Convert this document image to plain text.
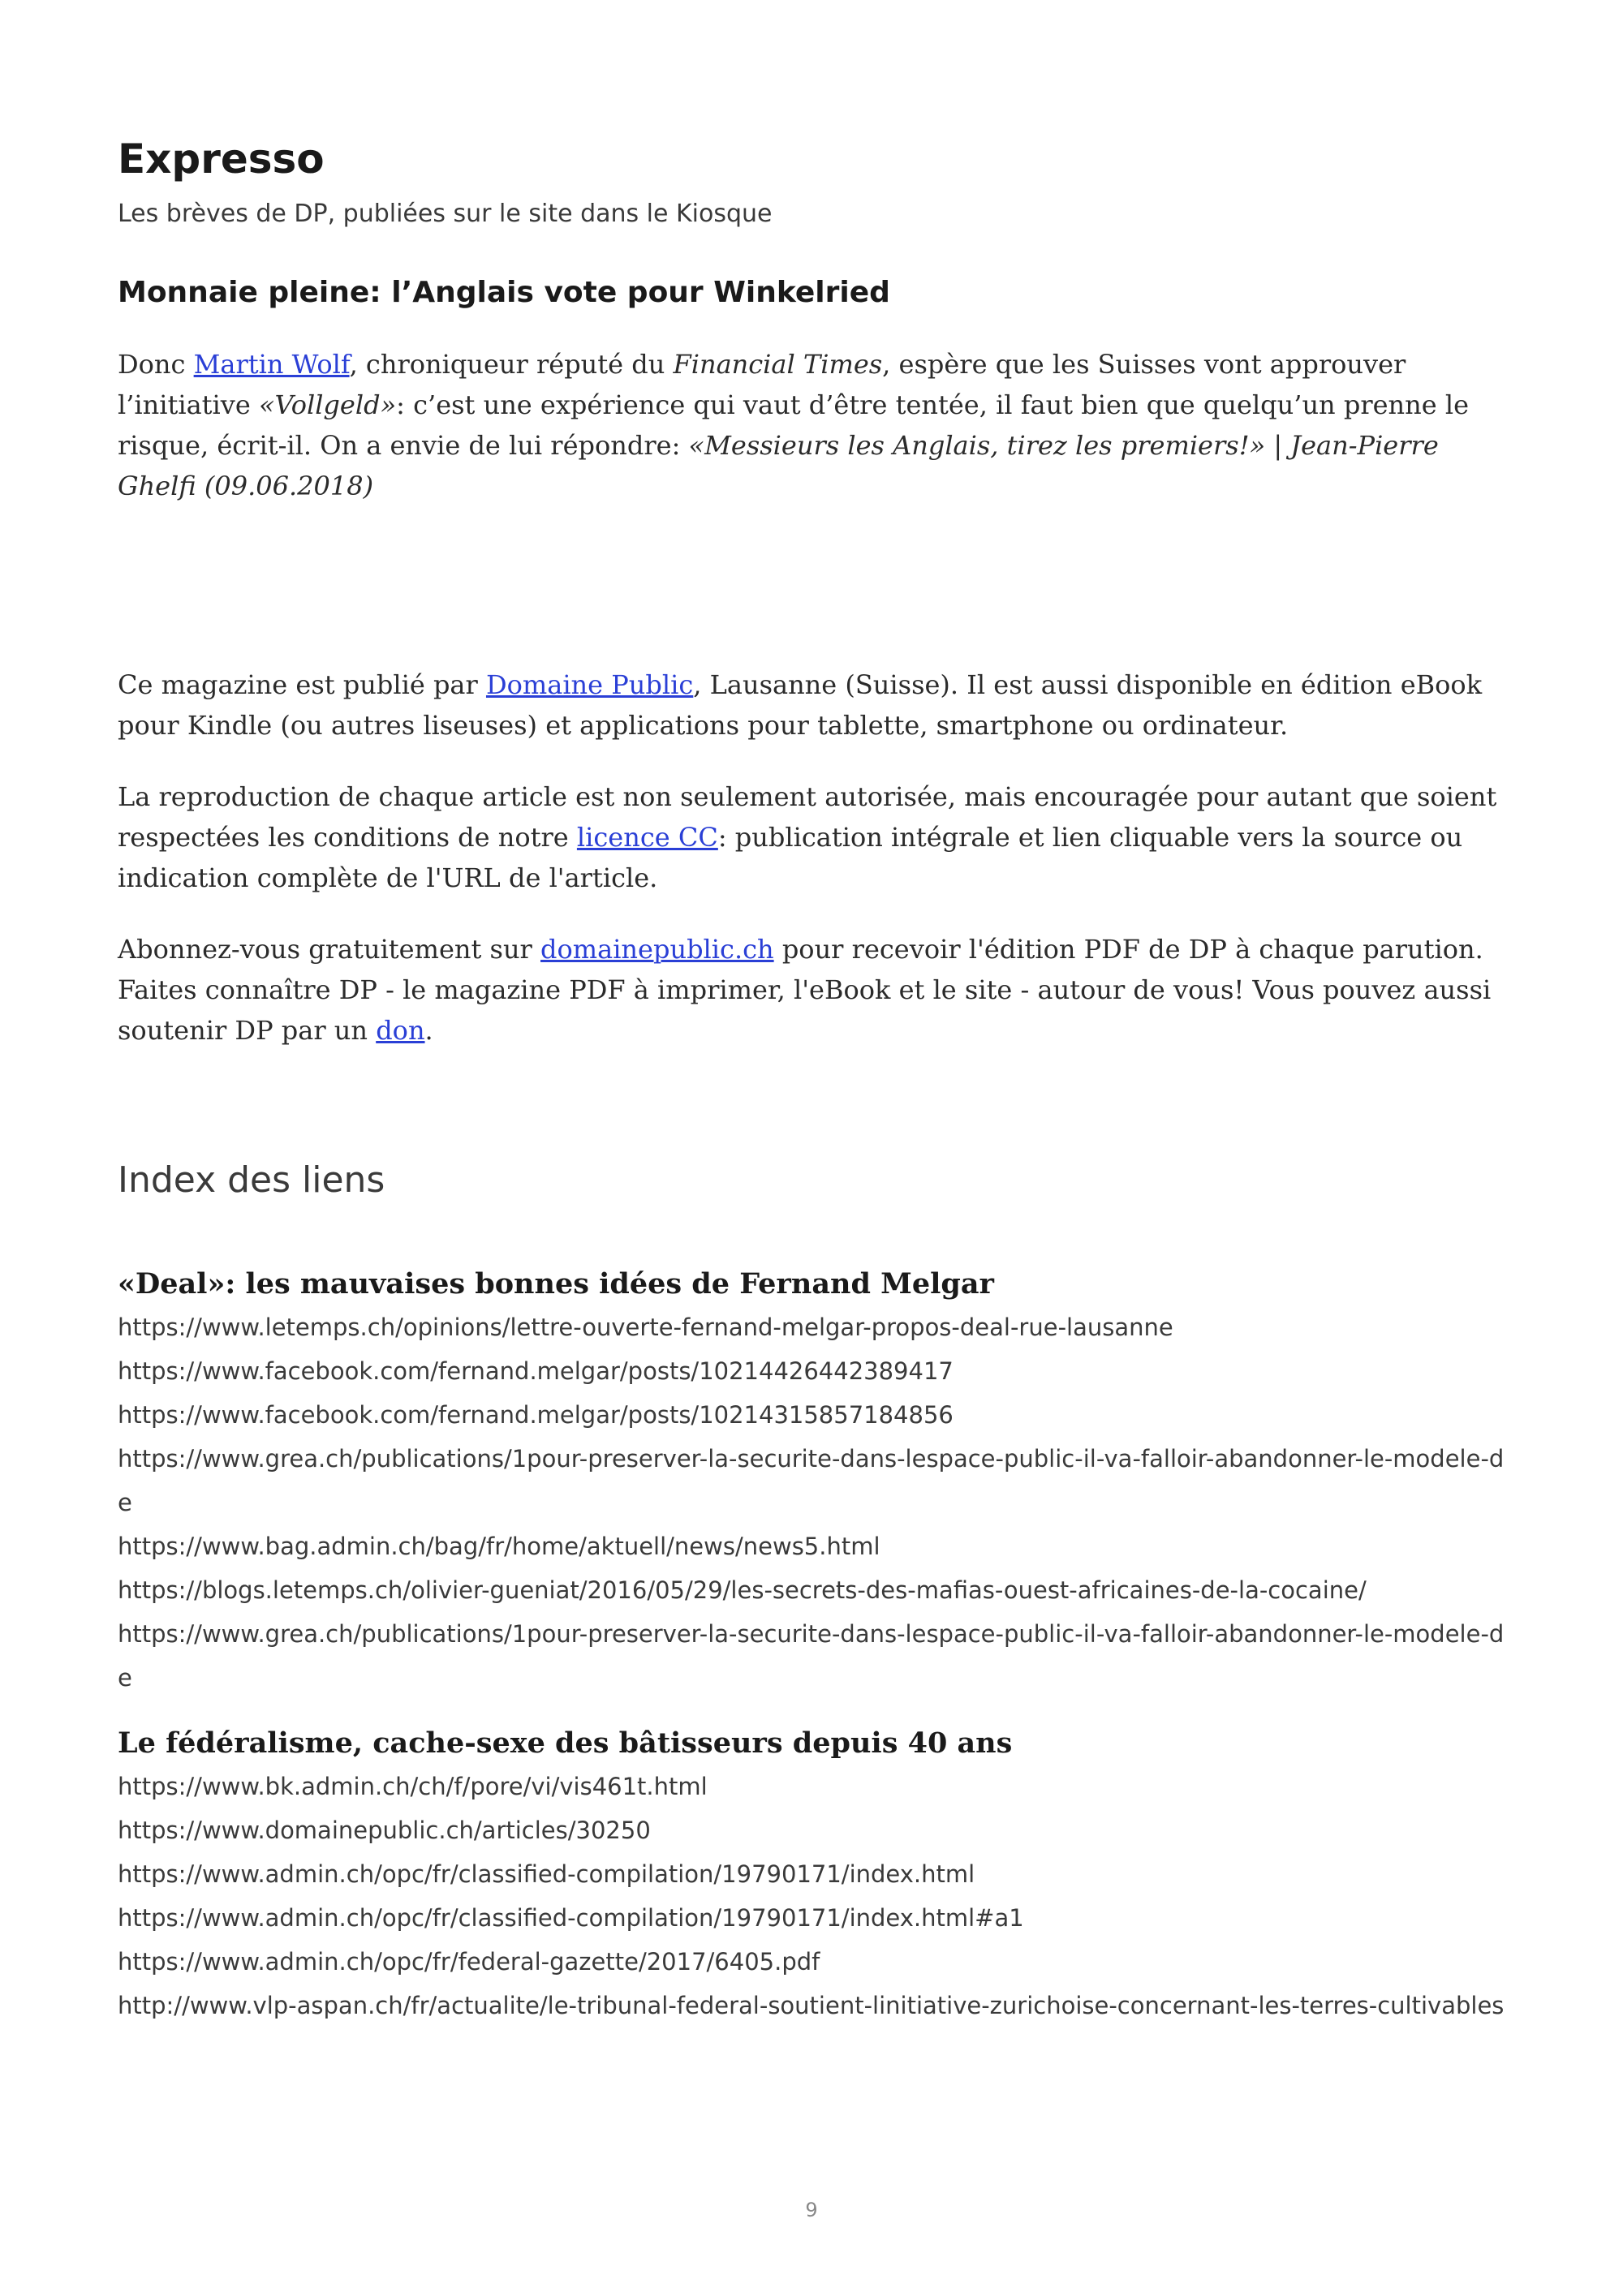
Expresso

Les brèves de DP, publiées sur le site dans le Kiosque

Monnaie pleine: l’Anglais vote pour Winkelried

Donc Martin Wolf, chroniqueur réputé du Financial Times, espère que les Suisses vont approuver l’initiative «Vollgeld»: c’est une expérience qui vaut d’être tentée, il faut bien que quelqu’un prenne le risque, écrit-il. On a envie de lui répondre: «Messieurs les Anglais, tirez les premiers!» | Jean-Pierre Ghelfi (09.06.2018)

Ce magazine est publié par Domaine Public, Lausanne (Suisse). Il est aussi disponible en édition eBook pour Kindle (ou autres liseuses) et applications pour tablette, smartphone ou ordinateur.

La reproduction de chaque article est non seulement autorisée, mais encouragée pour autant que soient respectées les conditions de notre licence CC: publication intégrale et lien cliquable vers la source ou indication complète de l'URL de l'article.

Abonnez-vous gratuitement sur domainepublic.ch pour recevoir l'édition PDF de DP à chaque parution. Faites connaître DP - le magazine PDF à imprimer, l'eBook et le site - autour de vous! Vous pouvez aussi soutenir DP par un don.

Index des liens

«Deal»: les mauvaises bonnes idées de Fernand Melgar

https://www.letemps.ch/opinions/lettre-ouverte-fernand-melgar-propos-deal-rue-lausanne

https://www.facebook.com/fernand.melgar/posts/10214426442389417

https://www.facebook.com/fernand.melgar/posts/10214315857184856

https://www.grea.ch/publications/1pour-preserver-la-securite-dans-lespace-public-il-va-falloir-abandonner-le-modele-de

https://www.bag.admin.ch/bag/fr/home/aktuell/news/news5.html

https://blogs.letemps.ch/olivier-gueniat/2016/05/29/les-secrets-des-mafias-ouest-africaines-de-la-cocaine/

https://www.grea.ch/publications/1pour-preserver-la-securite-dans-lespace-public-il-va-falloir-abandonner-le-modele-de

Le fédéralisme, cache-sexe des bâtisseurs depuis 40 ans

https://www.bk.admin.ch/ch/f/pore/vi/vis461t.html

https://www.domainepublic.ch/articles/30250

https://www.admin.ch/opc/fr/classified-compilation/19790171/index.html

https://www.admin.ch/opc/fr/classified-compilation/19790171/index.html#a1

https://www.admin.ch/opc/fr/federal-gazette/2017/6405.pdf

http://www.vlp-aspan.ch/fr/actualite/le-tribunal-federal-soutient-linitiative-zurichoise-concernant-les-terres-cultivables

9
